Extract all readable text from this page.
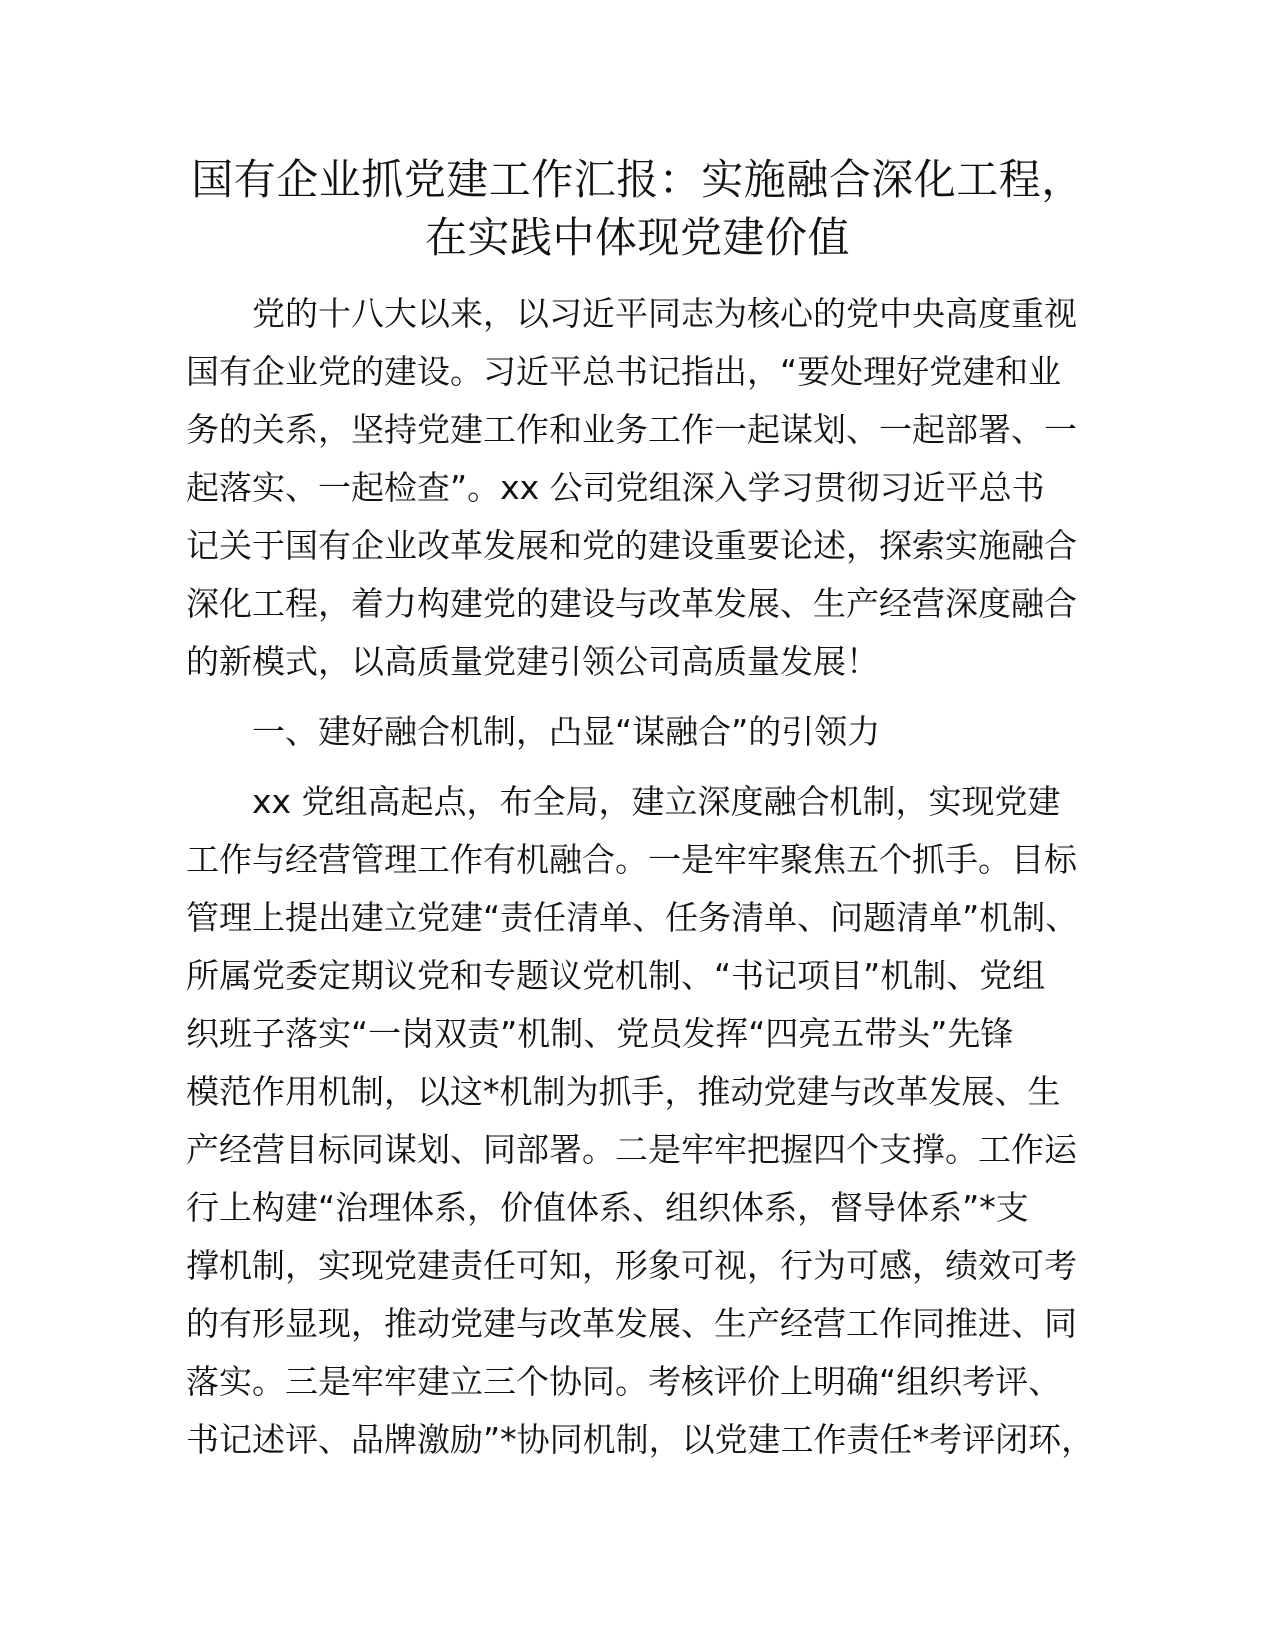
国有企业抓党建工作汇报：实施融合深化工程，
在实践中体现党建价值
党的十八大以来，以习近平同志为核心的党中央高度重视
国有企业党的建设。习近平总书记指出，“要处理好党建和业
务的关系，坚持党建工作和业务工作一起谋划、一起部署、一
起落实、一起检查”。xx 公司党组深入学习贯彻习近平总书
记关于国有企业改革发展和党的建设重要论述，探索实施融合
深化工程，着力构建党的建设与改革发展、生产经营深度融合
的新模式，以高质量党建引领公司高质量发展！
一、建好融合机制，凸显“谋融合”的引领力
xx 党组高起点，布全局，建立深度融合机制，实现党建
工作与经营管理工作有机融合。一是牢牢聚焦五个抓手。目标
管理上提出建立党建“责任清单、任务清单、问题清单”机制、
所属党委定期议党和专题议党机制、“书记项目”机制、党组
织班子落实“一岗双责”机制、党员发挥“四亮五带头”先锋
模范作用机制，以这*机制为抓手，推动党建与改革发展、生
产经营目标同谋划、同部署。二是牢牢把握四个支撑。工作运
行上构建“治理体系，价值体系、组织体系，督导体系”*支
撑机制，实现党建责任可知，形象可视，行为可感，绩效可考
的有形显现，推动党建与改革发展、生产经营工作同推进、同
落实。三是牢牢建立三个协同。考核评价上明确“组织考评、
书记述评、品牌激励”*协同机制，以党建工作责任*考评闭环，
